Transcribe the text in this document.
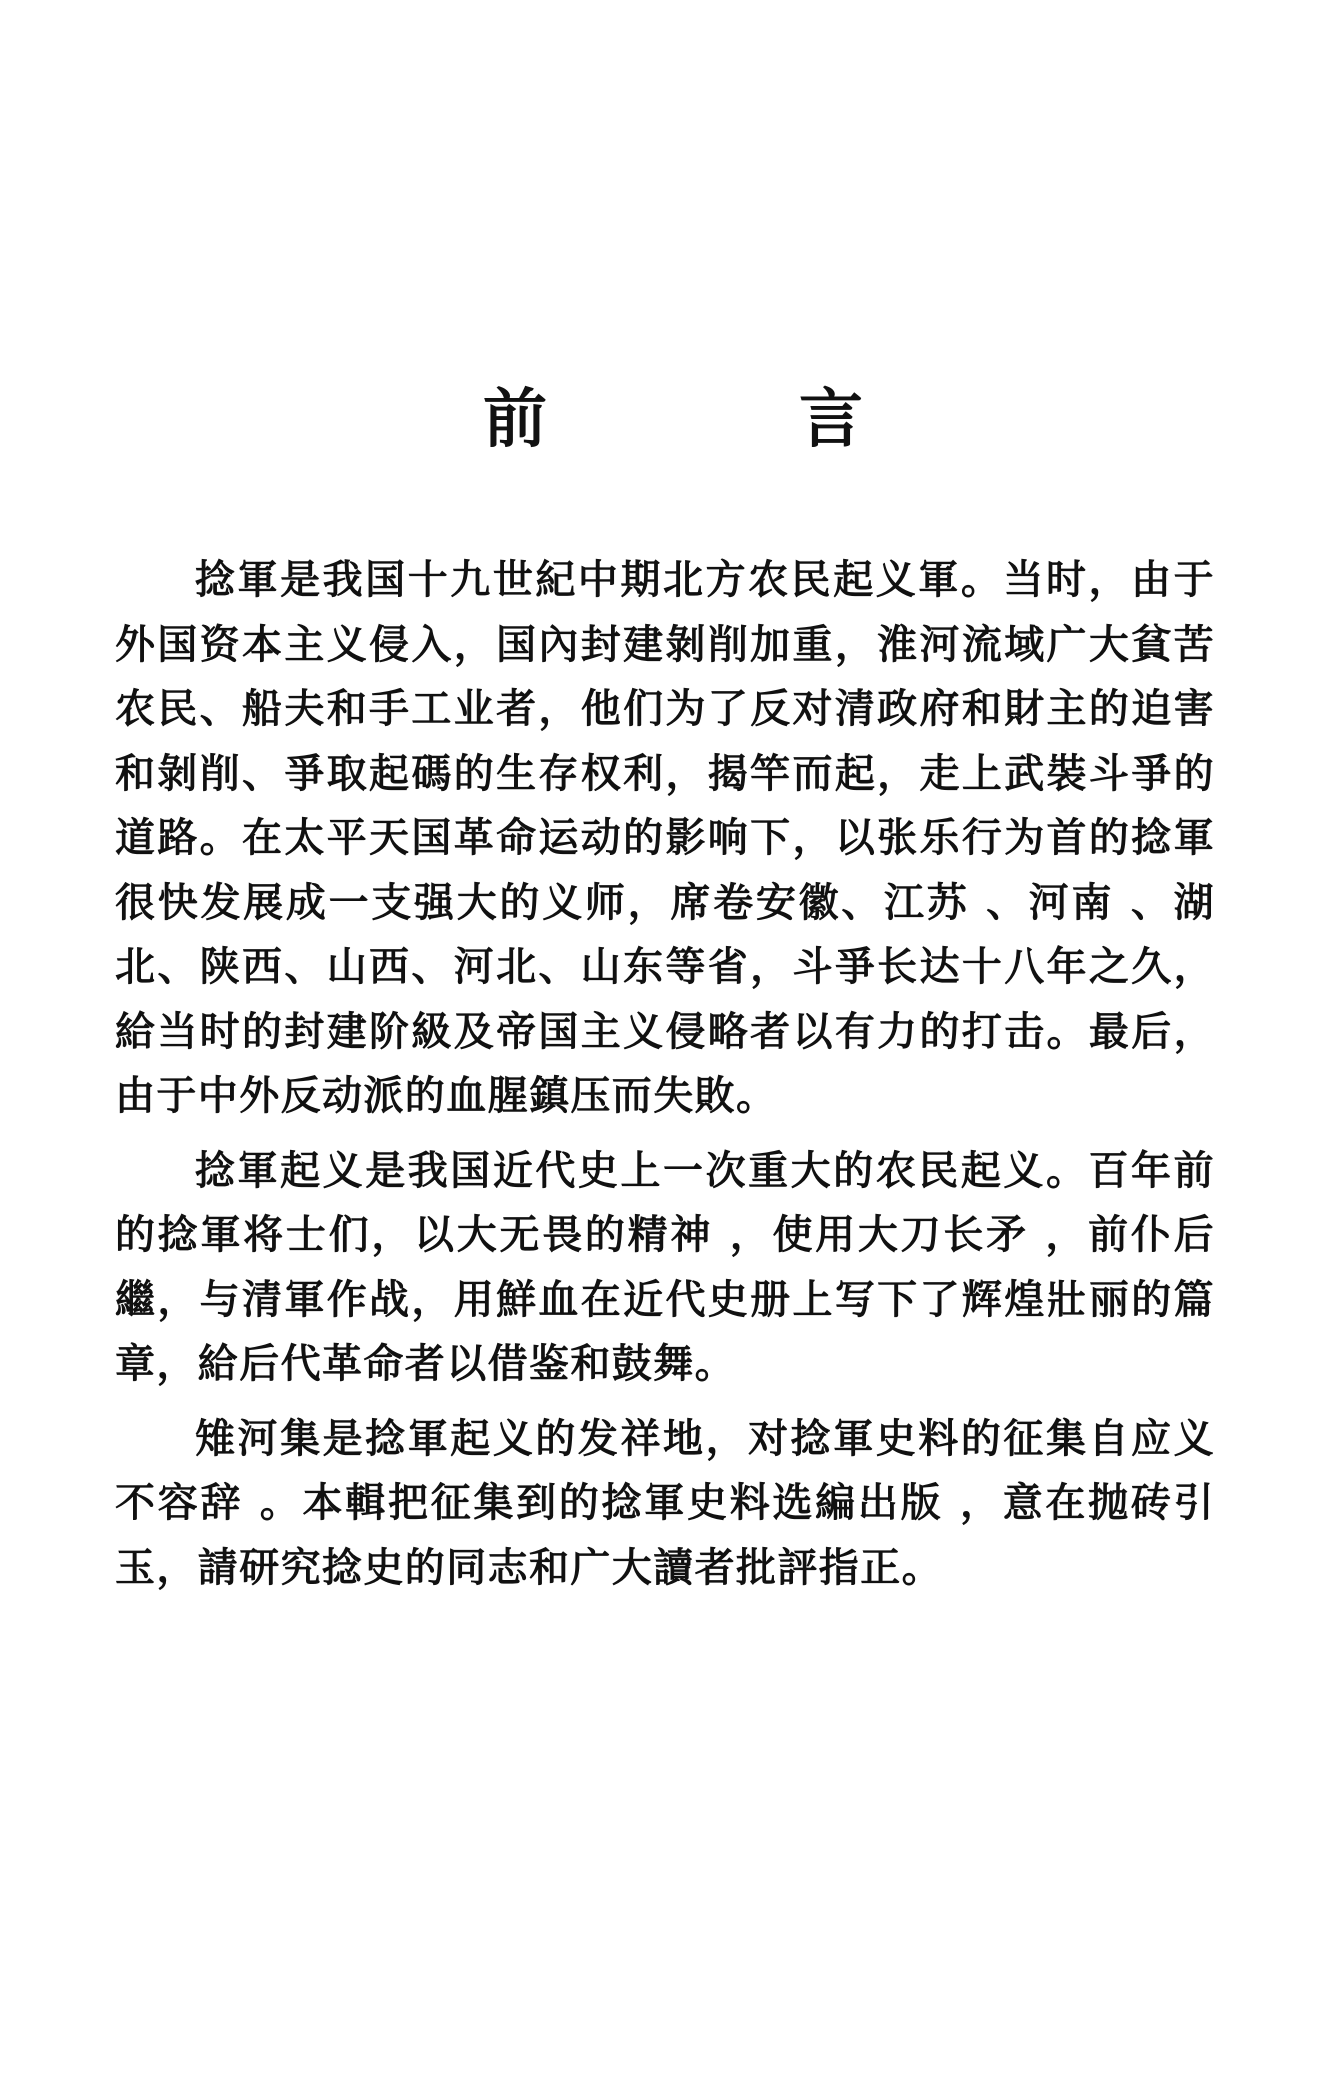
前	言

捻軍是我国十九世紀中期北方农民起义軍。当时，由于外国资本主义侵入，国內封建剝削加重，淮河流域广大貧苦农民、船夫和手工业者，他们为了反对清政府和財主的迫害和剝削、爭取起碼的生存权利，揭竿而起，走上武裝斗爭的道路。在太平天国革命运动的影响下，以张乐行为首的捻軍很快发展成一支强大的义师，席卷安徽、江苏 、河南 、湖北、陕西、山西、河北、山东等省，斗爭长达十八年之久，給当时的封建阶級及帝国主义侵略者以有力的打击。最后，由于中外反动派的血腥鎮压而失敗。

捻軍起义是我国近代史上一次重大的农民起义。百年前的捻軍将士们，以大无畏的精神 ，使用大刀长矛 ，前仆后繼，与清軍作战，用鮮血在近代史册上写下了辉煌壯丽的篇章，給后代革命者以借鉴和鼓舞。

雉河集是捻軍起义的发祥地，对捻軍史料的征集自应义不容辞 。本輯把征集到的捻軍史料选編出版 ，意在抛砖引玉，請研究捻史的同志和广大讀者批評指正。
